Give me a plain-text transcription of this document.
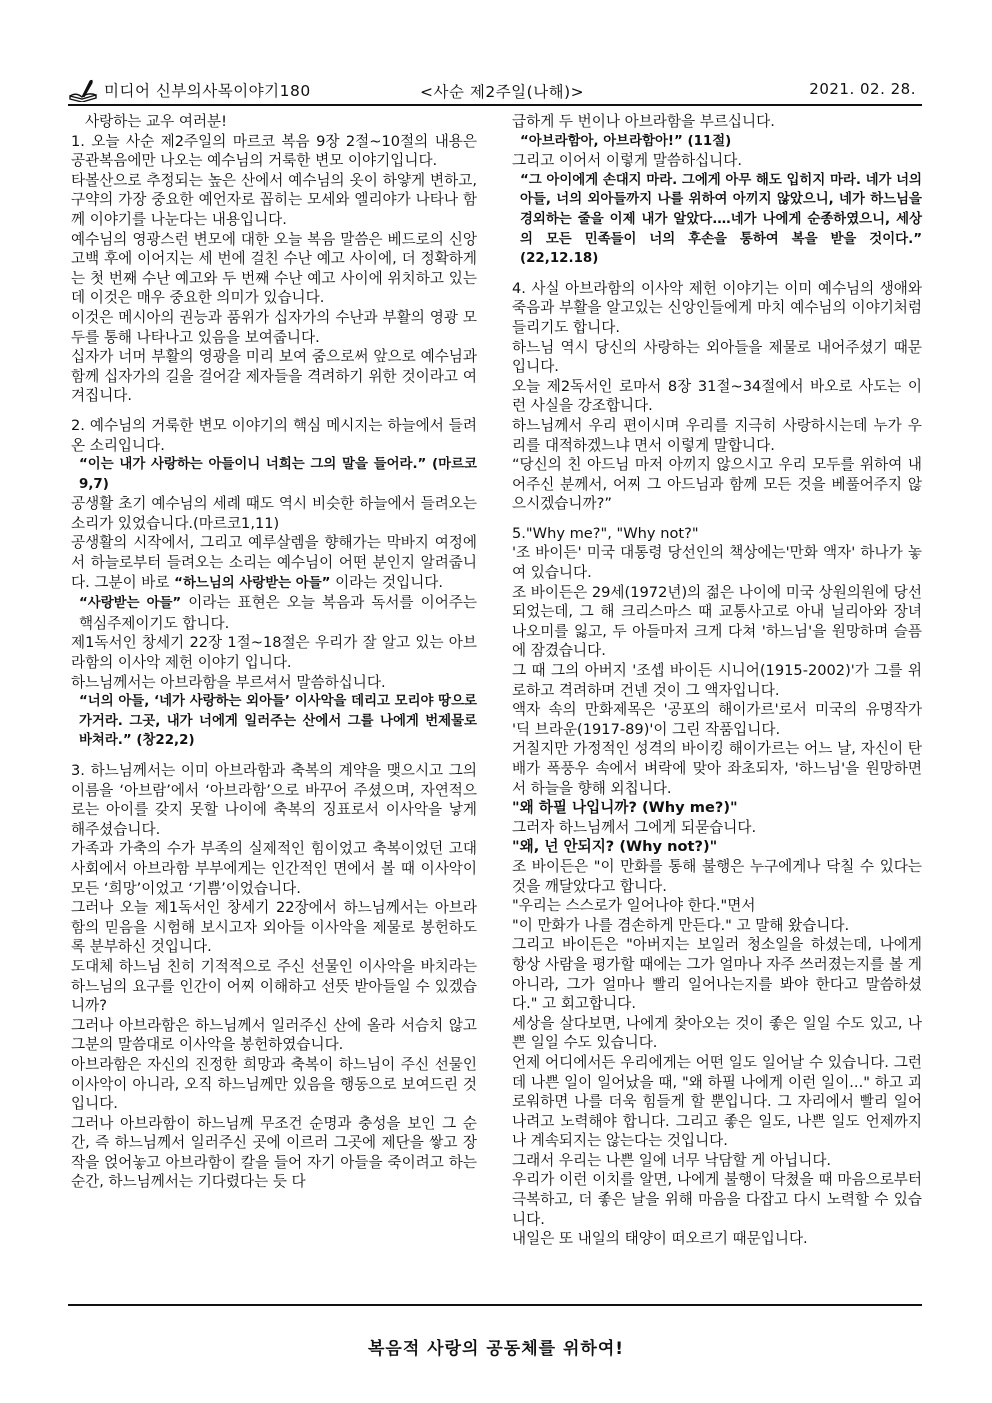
미디어 신부의사목이야기180	<사순 제2주일(나해)>	2021. 02. 28.

사랑하는 교우 여러분!

1. 오늘 사순 제2주일의 마르코 복음 9장 2절~10절의 내용은 공관복음에만 나오는 예수님의 거룩한 변모 이야기입니다.

타볼산으로 추정되는 높은 산에서 예수님의 옷이 하얗게 변하고, 구약의 가장 중요한 예언자로 꼽히는 모세와 엘리야가 나타나 함께 이야기를 나눈다는 내용입니다.

예수님의 영광스런 변모에 대한 오늘 복음 말씀은 베드로의 신앙 고백 후에 이어지는 세 번에 걸친 수난 예고 사이에, 더 정확하게는 첫 번째 수난 예고와 두 번째 수난 예고 사이에 위치하고 있는데 이것은 매우 중요한 의미가 있습니다.

이것은 메시아의 권능과 품위가 십자가의 수난과 부활의 영광 모두를 통해 나타나고 있음을 보여줍니다.

십자가 너머 부활의 영광을 미리 보여 줌으로써 앞으로 예수님과 함께 십자가의 길을 걸어갈 제자들을 격려하기 위한 것이라고 여겨집니다.

2. 예수님의 거룩한 변모 이야기의 핵심 메시지는 하늘에서 들려 온 소리입니다.

“이는 내가 사랑하는 아들이니 너희는 그의 말을 들어라.” (마르코9,7)

공생활 초기 예수님의 세례 때도 역시 비슷한 하늘에서 들려오는 소리가 있었습니다.(마르코1,11)

공생활의 시작에서, 그리고 예루살렘을 향해가는 막바지 여정에서 하늘로부터 들려오는 소리는 예수님이 어떤 분인지 알려줍니다. 그분이 바로 “하느님의 사랑받는 아들” 이라는 것입니다.

“사랑받는 아들” 이라는 표현은 오늘 복음과 독서를 이어주는 핵심주제이기도 합니다.

제1독서인 창세기 22장 1절~18절은 우리가 잘 알고 있는 아브라함의 이사악 제헌 이야기 입니다.

하느님께서는 아브라함을 부르셔서 말씀하십니다.

“너의 아들, ‘네가 사랑하는 외아들’ 이사악을 데리고 모리야 땅으로 가거라. 그곳, 내가 너에게 일러주는 산에서 그를 나에게 번제물로 바쳐라.” (창22,2)

3. 하느님께서는 이미 아브라함과 축복의 계약을 맺으시고 그의 이름을 ‘아브람’에서 ‘아브라함’으로 바꾸어 주셨으며, 자연적으로는 아이를 갖지 못할 나이에 축복의 징표로서 이사악을 낳게 해주셨습니다.

가족과 가축의 수가 부족의 실제적인 힘이었고 축복이었던 고대 사회에서 아브라함 부부에게는 인간적인 면에서 볼 때 이사악이 모든 ‘희망’이었고 ‘기쁨’이었습니다.

그러나 오늘 제1독서인 창세기 22장에서 하느님께서는 아브라함의 믿음을 시험해 보시고자 외아들 이사악을 제물로 봉헌하도록 분부하신 것입니다.

도대체 하느님 친히 기적적으로 주신 선물인 이사악을 바치라는 하느님의 요구를 인간이 어찌 이해하고 선뜻 받아들일 수 있겠습니까?

그러나 아브라함은 하느님께서 일러주신 산에 올라 서슴치 않고 그분의 말씀대로 이사악을 봉헌하였습니다.

아브라함은 자신의 진정한 희망과 축복이 하느님이 주신 선물인 이사악이 아니라, 오직 하느님께만 있음을 행동으로 보여드린 것입니다.

그러나 아브라함이 하느님께 무조건 순명과 충성을 보인 그 순간, 즉 하느님께서 일러주신 곳에 이르러 그곳에 제단을 쌓고 장작을 얹어놓고 아브라함이 칼을 들어 자기 아들을 죽이려고 하는 순간, 하느님께서는 기다렸다는 듯 다

급하게 두 번이나 아브라함을 부르십니다.

“아브라함아, 아브라함아!” (11절)

그리고 이어서 이렇게 말씀하십니다.

“그 아이에게 손대지 마라. 그에게 아무 해도 입히지 마라. 네가 너의 아들, 너의 외아들까지 나를 위하여 아끼지 않았으니, 네가 하느님을 경외하는 줄을 이제 내가 알았다.…네가 나에게 순종하였으니, 세상의 모든 민족들이 너의 후손을 통하여 복을 받을 것이다.” (22,12.18)

4. 사실 아브라함의 이사악 제헌 이야기는 이미 예수님의 생애와 죽음과 부활을 알고있는 신앙인들에게 마치 예수님의 이야기처럼 들리기도 합니다.

하느님 역시 당신의 사랑하는 외아들을 제물로 내어주셨기 때문입니다.

오늘 제2독서인 로마서 8장 31절~34절에서 바오로 사도는 이런 사실을 강조합니다.

하느님께서 우리 편이시며 우리를 지극히 사랑하시는데 누가 우리를 대적하겠느냐 면서 이렇게 말합니다.

“당신의 친 아드님 마저 아끼지 않으시고 우리 모두를 위하여 내어주신 분께서, 어찌 그 아드님과 함께 모든 것을 베풀어주지 않으시겠습니까?”

5."Why me?", "Why not?"

'조 바이든' 미국 대통령 당선인의 책상에는'만화 액자' 하나가 놓여 있습니다.

조 바이든은 29세(1972년)의 젊은 나이에 미국 상원의원에 당선되었는데, 그 해 크리스마스 때 교통사고로 아내 닐리아와 장녀 나오미를 잃고, 두 아들마저 크게 다쳐 '하느님'을 원망하며 슬픔에 잠겼습니다.

그 때 그의 아버지 '조셉 바이든 시니어(1915-2002)'가 그를 위로하고 격려하며 건넨 것이 그 액자입니다.

액자 속의 만화제목은 '공포의 해이가르'로서 미국의 유명작가 '딕 브라운(1917-89)'이 그린 작품입니다.

거칠지만 가정적인 성격의 바이킹 해이가르는 어느 날, 자신이 탄 배가 폭풍우 속에서 벼락에 맞아 좌초되자, '하느님'을 원망하면서 하늘을 향해 외칩니다.

"왜 하필 나입니까? (Why me?)"

그러자 하느님께서 그에게 되묻습니다.

"왜, 넌 안되지? (Why not?)"

조 바이든은 "이 만화를 통해 불행은 누구에게나 닥칠 수 있다는 것을 깨달았다고 합니다.

"우리는 스스로가 일어나야 한다."면서

"이 만화가 나를 겸손하게 만든다." 고 말해 왔습니다.

그리고 바이든은 "아버지는 보일러 청소일을 하셨는데, 나에게 항상 사람을 평가할 때에는 그가 얼마나 자주 쓰러졌는지를 볼 게 아니라, 그가 얼마나 빨리 일어나는지를 봐야 한다고 말씀하셨다." 고 회고합니다.

세상을 살다보면, 나에게 찾아오는 것이 좋은 일일 수도 있고, 나쁜 일일 수도 있습니다.

언제 어디에서든 우리에게는 어떤 일도 일어날 수 있습니다. 그런데 나쁜 일이 일어났을 때, "왜 하필 나에게 이런 일이..." 하고 괴로워하면 나를 더욱 힘들게 할 뿐입니다. 그 자리에서 빨리 일어나려고 노력해야 합니다. 그리고 좋은 일도, 나쁜 일도 언제까지나 계속되지는 않는다는 것입니다.

그래서 우리는 나쁜 일에 너무 낙담할 게 아닙니다.

우리가 이런 이치를 알면, 나에게 불행이 닥쳤을 때 마음으로부터 극복하고, 더 좋은 날을 위해 마음을 다잡고 다시 노력할 수 있습니다.

내일은 또 내일의 태양이 떠오르기 때문입니다.

복음적 사랑의 공동체를 위하여!
